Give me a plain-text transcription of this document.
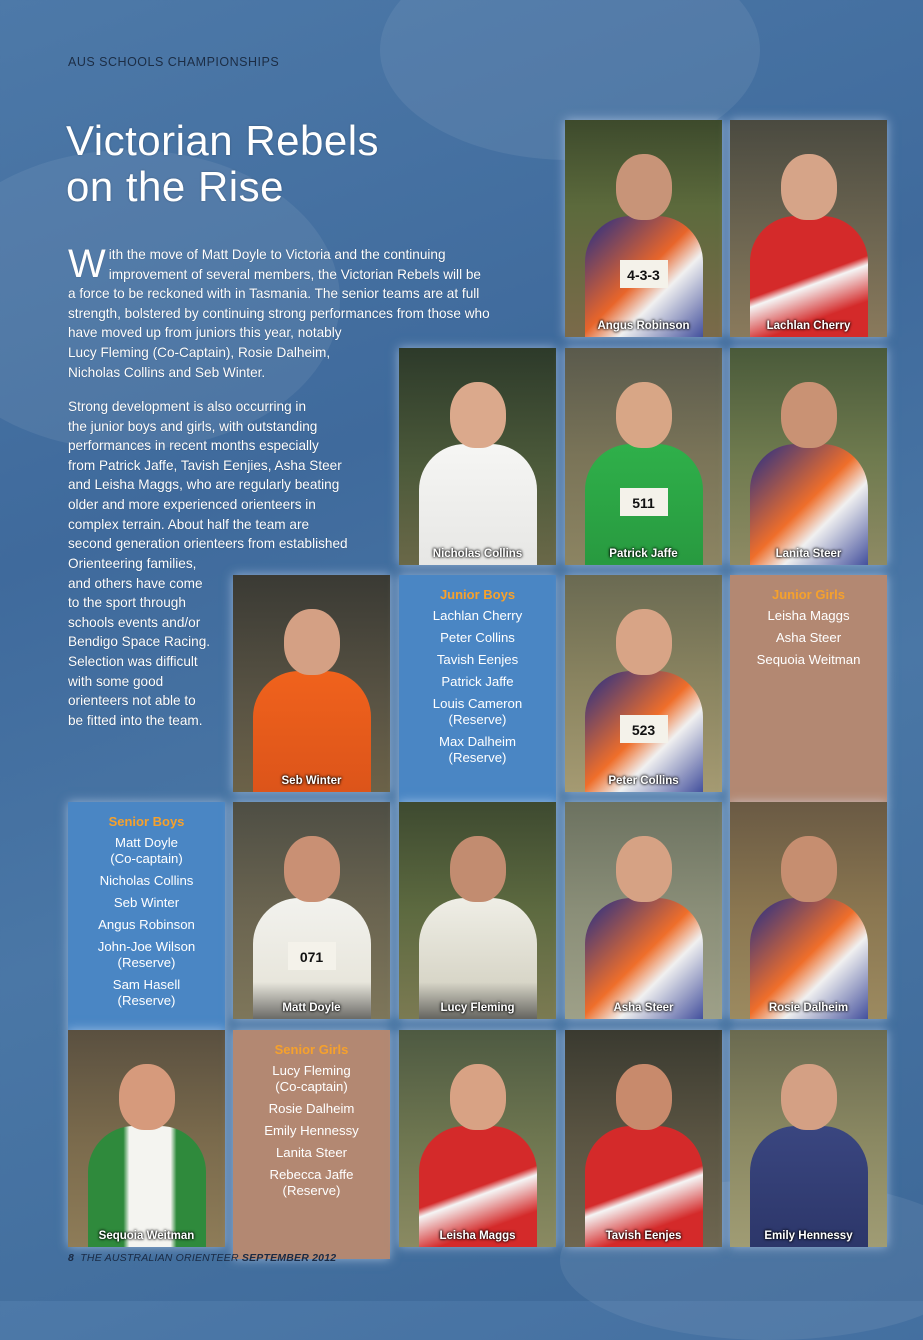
AUS SCHOOLS CHAMPIONSHIPS
Victorian Rebels
on the Rise
W ith the move of Matt Doyle to Victoria and the continuing
improvement of several members, the Victorian Rebels will be
a force to be reckoned with in Tasmania. The senior teams are at full
strength, bolstered by continuing strong performances from those who
have moved up from juniors this year, notably
Lucy Fleming (Co-Captain), Rosie Dalheim,
Nicholas Collins and Seb Winter.
Strong development is also occurring in
the junior boys and girls, with outstanding
performances in recent months especially
from Patrick Jaffe, Tavish Eenjies, Asha Steer
and Leisha Maggs, who are regularly beating
older and more experienced orienteers in
complex terrain. About half the team are
second generation orienteers from established
Orienteering families,
and others have come
to the sport through
schools events and/or
Bendigo Space Racing.
Selection was difficult
with some good
orienteers not able to
be fitted into the team.
4-3-3
Angus Robinson	Lachlan Cherry
Nicholas Collins
511
Patrick Jaffe	Lanita Steer
Seb Winter
Junior Boys
Lachlan Cherry
Peter Collins
Tavish Eenjes
Patrick Jaffe
Louis Cameron
(Reserve)
Max Dalheim
(Reserve)
523
Peter Collins
Junior Girls
Leisha Maggs
Asha Steer
Sequoia Weitman
Senior Boys
Matt Doyle
(Co-captain)
Nicholas Collins
Seb Winter
Angus Robinson
John-Joe Wilson
(Reserve)
Sam Hasell
(Reserve)
071
Matt Doyle	Lucy Fleming	Asha Steer	Rosie Dalheim
Sequoia Weitman
Senior Girls
Lucy Fleming
(Co-captain)
Rosie Dalheim
Emily Hennessy
Lanita Steer
Rebecca Jaffe
(Reserve)
Leisha Maggs	Tavish Eenjes	Emily Hennessy
8 THE AUSTRALIAN ORIENTEER SEPTEMBER 2012
